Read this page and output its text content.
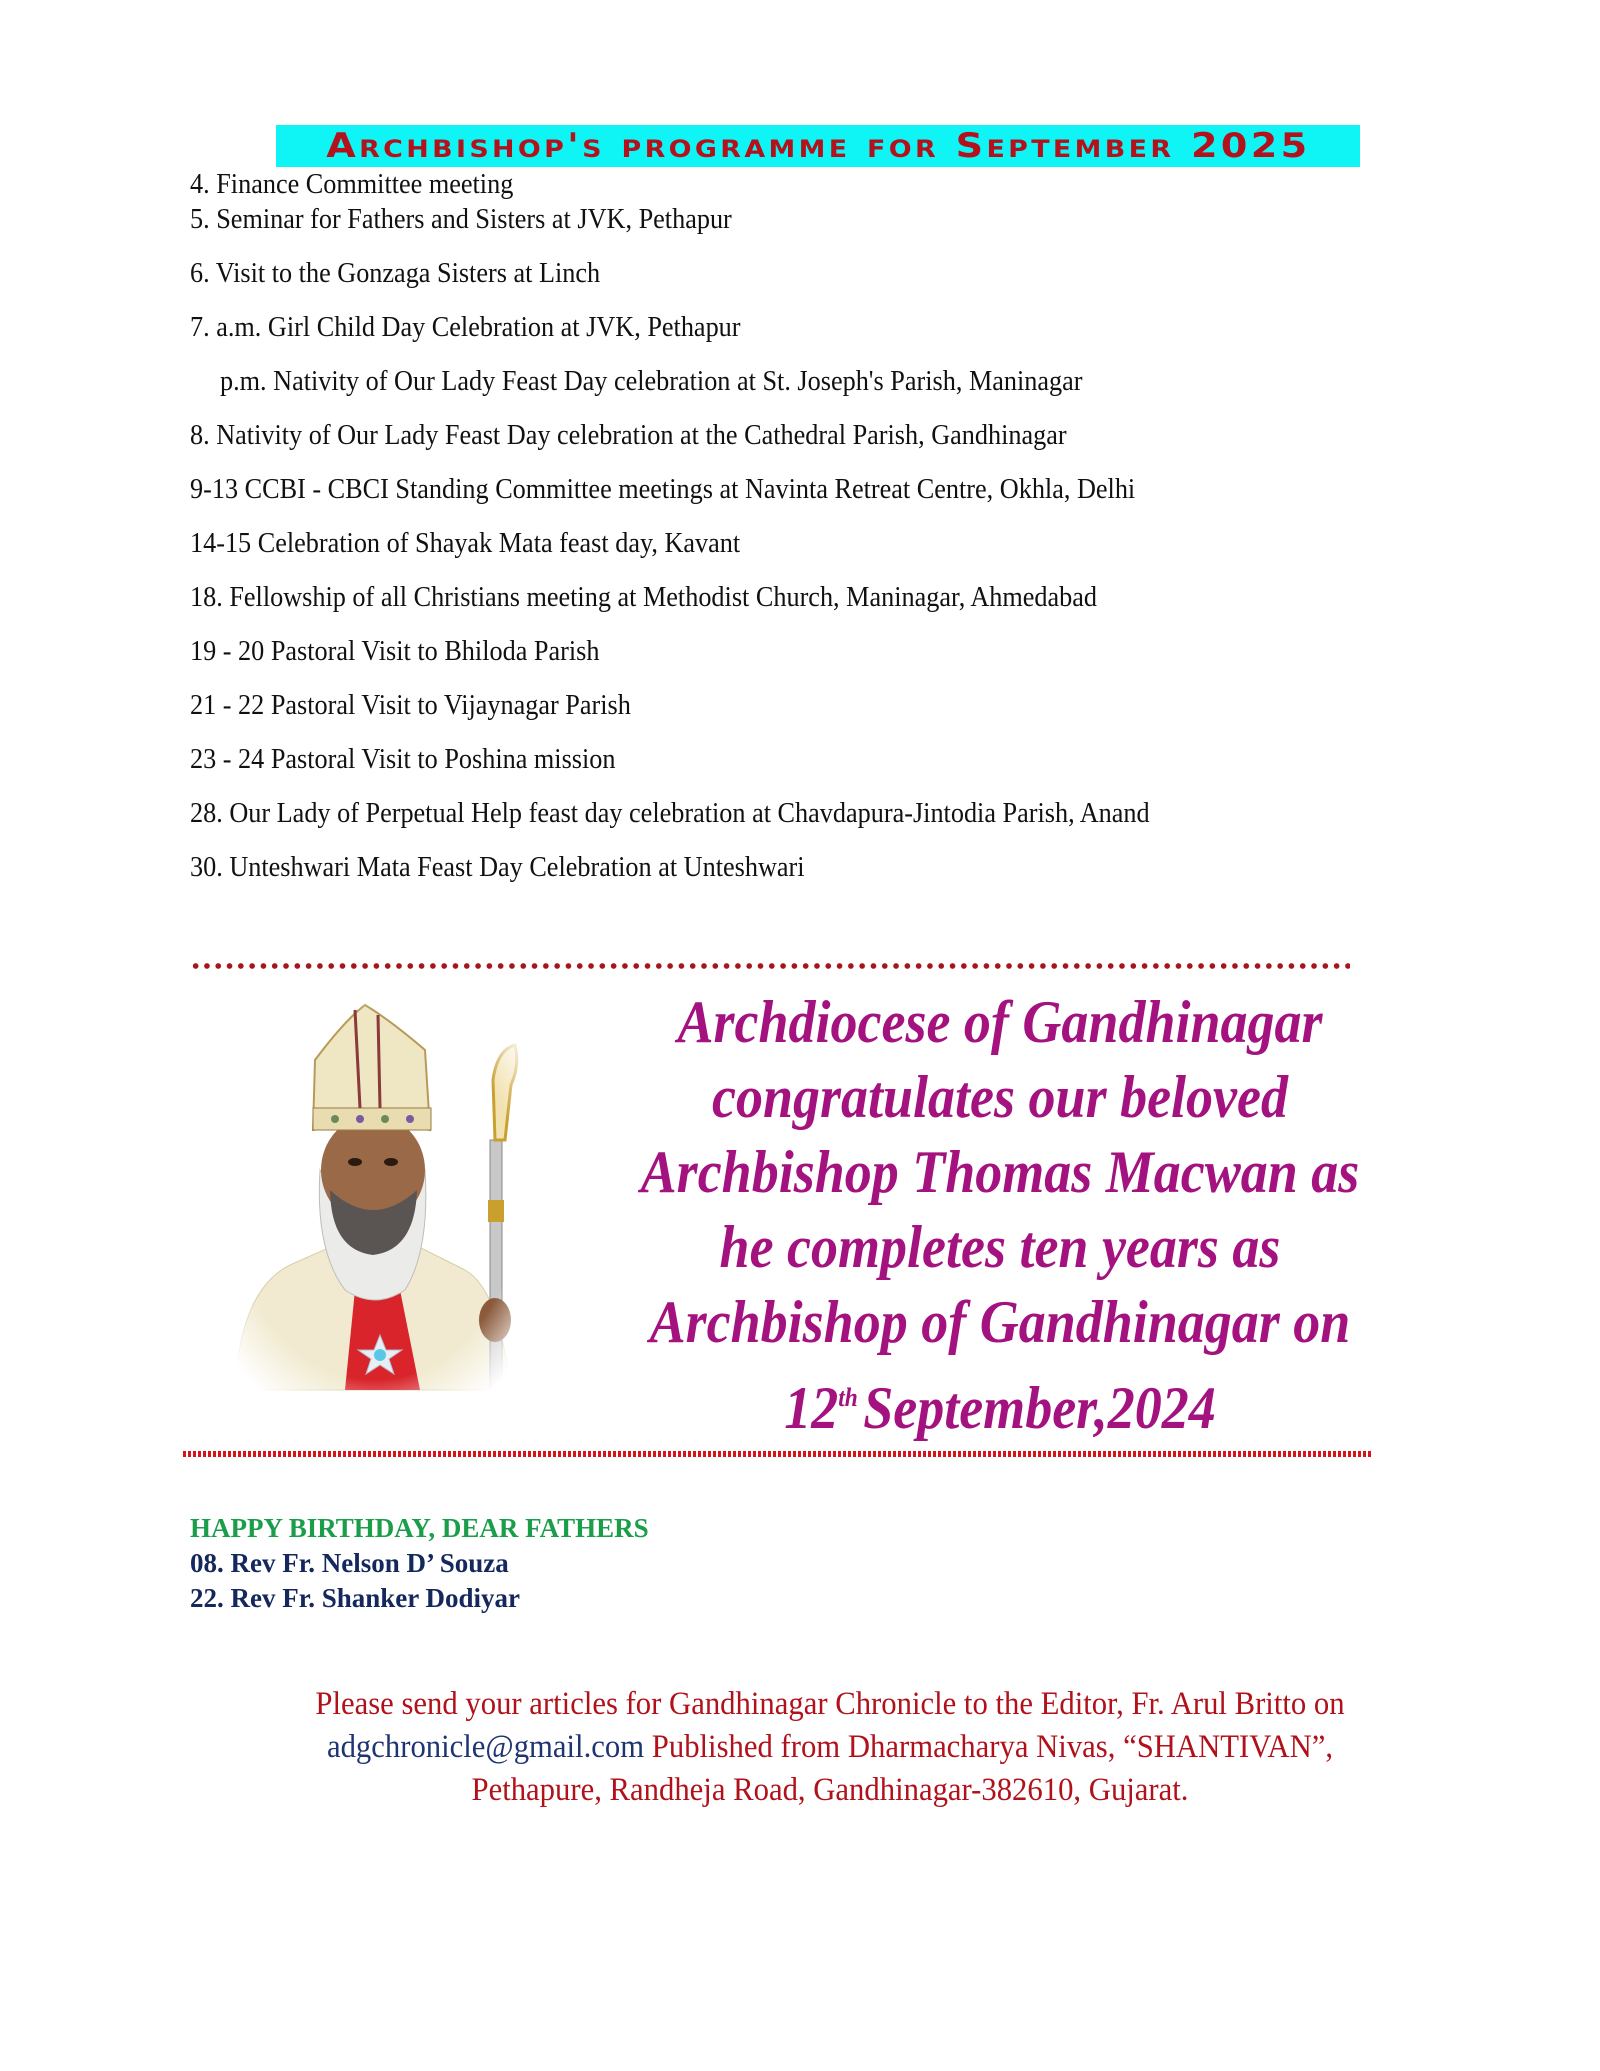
Archbishop's programme for September 2025
4. Finance Committee meeting
5. Seminar for Fathers and Sisters at JVK, Pethapur
6. Visit to the Gonzaga Sisters at Linch
7. a.m. Girl Child Day Celebration at JVK, Pethapur
p.m. Nativity of Our Lady Feast Day celebration at St. Joseph's Parish, Maninagar
8. Nativity of Our Lady Feast Day celebration at the Cathedral Parish, Gandhinagar
9-13 CCBI - CBCI Standing Committee meetings at Navinta Retreat Centre, Okhla, Delhi
14-15 Celebration of Shayak Mata feast day, Kavant
18. Fellowship of all Christians meeting at Methodist Church, Maninagar, Ahmedabad
19 - 20 Pastoral Visit to Bhiloda Parish
21 - 22 Pastoral Visit to Vijaynagar Parish
23 - 24 Pastoral Visit to Poshina mission
28. Our Lady of Perpetual Help feast day celebration at Chavdapura-Jintodia Parish, Anand
30. Unteshwari Mata Feast Day Celebration at Unteshwari
Archdiocese of Gandhinagar
congratulates our beloved
Archbishop Thomas Macwan as
he completes ten years as
Archbishop of Gandhinagar on
12thSeptember,2024
HAPPY BIRTHDAY, DEAR FATHERS
08. Rev Fr. Nelson D’ Souza
22. Rev Fr. Shanker Dodiyar
Please send your articles for Gandhinagar Chronicle to the Editor, Fr. Arul Britto on
adgchronicle@gmail.com Published from Dharmacharya Nivas, “SHANTIVAN”,
Pethapure, Randheja Road, Gandhinagar-382610, Gujarat.
